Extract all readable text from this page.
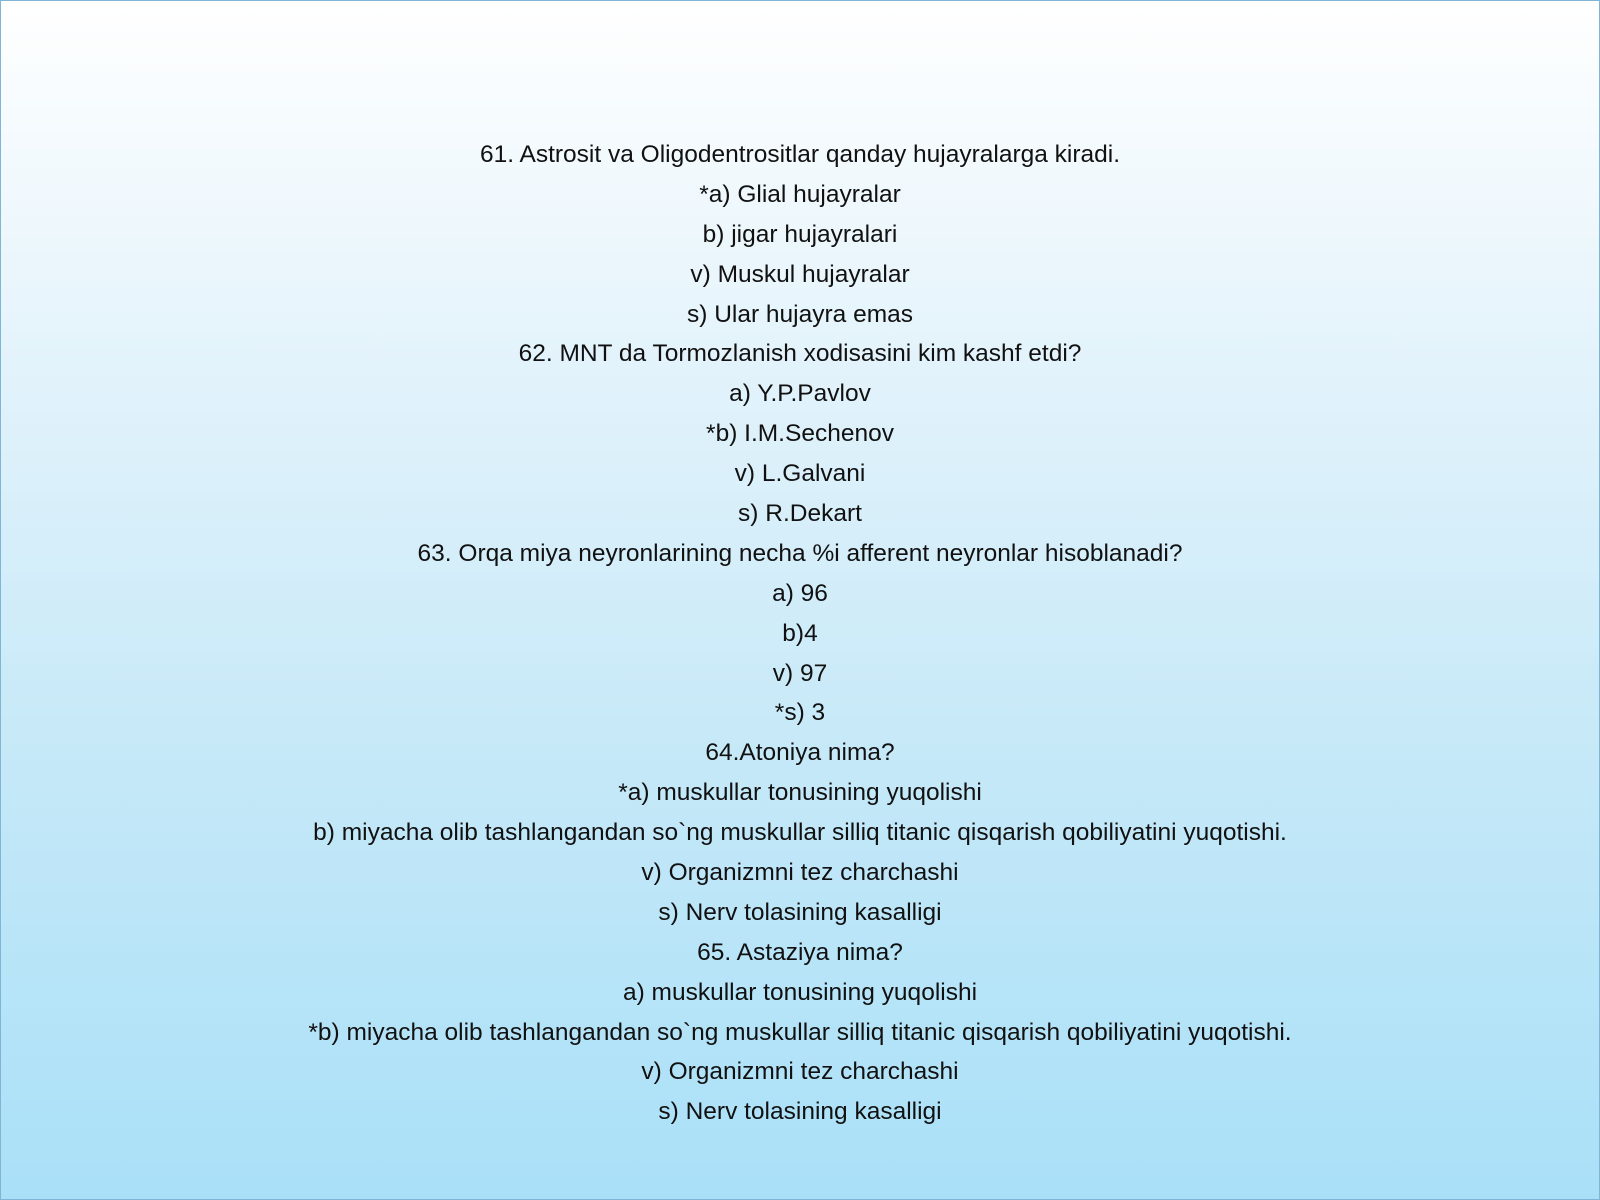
61. Astrosit va Oligodentrositlar qanday hujayralarga kiradi.
*a) Glial hujayralar
b) jigar hujayralari
v) Muskul hujayralar
s) Ular hujayra emas
62. MNT da Tormozlanish xodisasini kim kashf etdi?
a) Y.P.Pavlov
*b) I.M.Sechenov
v) L.Galvani
s) R.Dekart
63. Orqa miya neyronlarining necha %i afferent neyronlar hisoblanadi?
a) 96
b)4
v) 97
*s) 3
64.Atoniya nima?
*a) muskullar tonusining yuqolishi
b) miyacha olib tashlangandan so`ng muskullar silliq titanic qisqarish qobiliyatini yuqotishi.
v) Organizmni tez charchashi
s) Nerv tolasining kasalligi
65. Astaziya nima?
a) muskullar tonusining yuqolishi
*b) miyacha olib tashlangandan so`ng muskullar silliq titanic qisqarish qobiliyatini yuqotishi.
v) Organizmni tez charchashi
s) Nerv tolasining kasalligi
